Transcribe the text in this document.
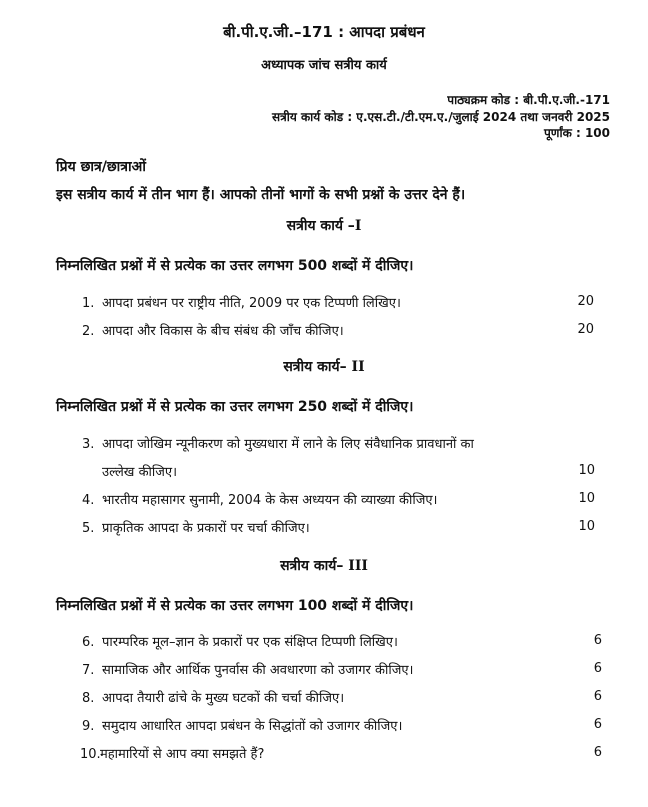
बी.पी.ए.जी.–171 : आपदा प्रबंधन
अध्यापक जांच सत्रीय कार्य
पाठ्यक्रम कोड : बी.पी.ए.जी.-171
सत्रीय कार्य कोड : ए.एस.टी./टी.एम.ए./जुलाई 2024 तथा जनवरी 2025
पूर्णांक : 100
प्रिय छात्र/छात्राओं
इस सत्रीय कार्य में तीन भाग हैं। आपको तीनों भागों के सभी प्रश्नों के उत्तर देने हैं।
सत्रीय कार्य –I
निम्नलिखित प्रश्नों में से प्रत्येक का उत्तर लगभग 500 शब्दों में दीजिए।
1. आपदा प्रबंधन पर राष्ट्रीय नीति, 2009 पर एक टिप्पणी लिखिए।	20
2. आपदा और विकास के बीच संबंध की जाँच कीजिए।	20
सत्रीय कार्य– II
निम्नलिखित प्रश्नों में से प्रत्येक का उत्तर लगभग 250 शब्दों में दीजिए।
3. आपदा जोखिम न्यूनीकरण को मुख्यधारा में लाने के लिए संवैधानिक प्रावधानों का
उल्लेख कीजिए।	10
4. भारतीय महासागर सुनामी, 2004 के केस अध्ययन की व्याख्या कीजिए।	10
5. प्राकृतिक आपदा के प्रकारों पर चर्चा कीजिए।	10
सत्रीय कार्य– III
निम्नलिखित प्रश्नों में से प्रत्येक का उत्तर लगभग 100 शब्दों में दीजिए।
6. पारम्परिक मूल–ज्ञान के प्रकारों पर एक संक्षिप्त टिप्पणी लिखिए।	6
7. सामाजिक और आर्थिक पुनर्वास की अवधारणा को उजागर कीजिए।	6
8. आपदा तैयारी ढांचे के मुख्य घटकों की चर्चा कीजिए।	6
9. समुदाय आधारित आपदा प्रबंधन के सिद्धांतों को उजागर कीजिए।	6
10.महामारियों से आप क्या समझते हैं?	6
